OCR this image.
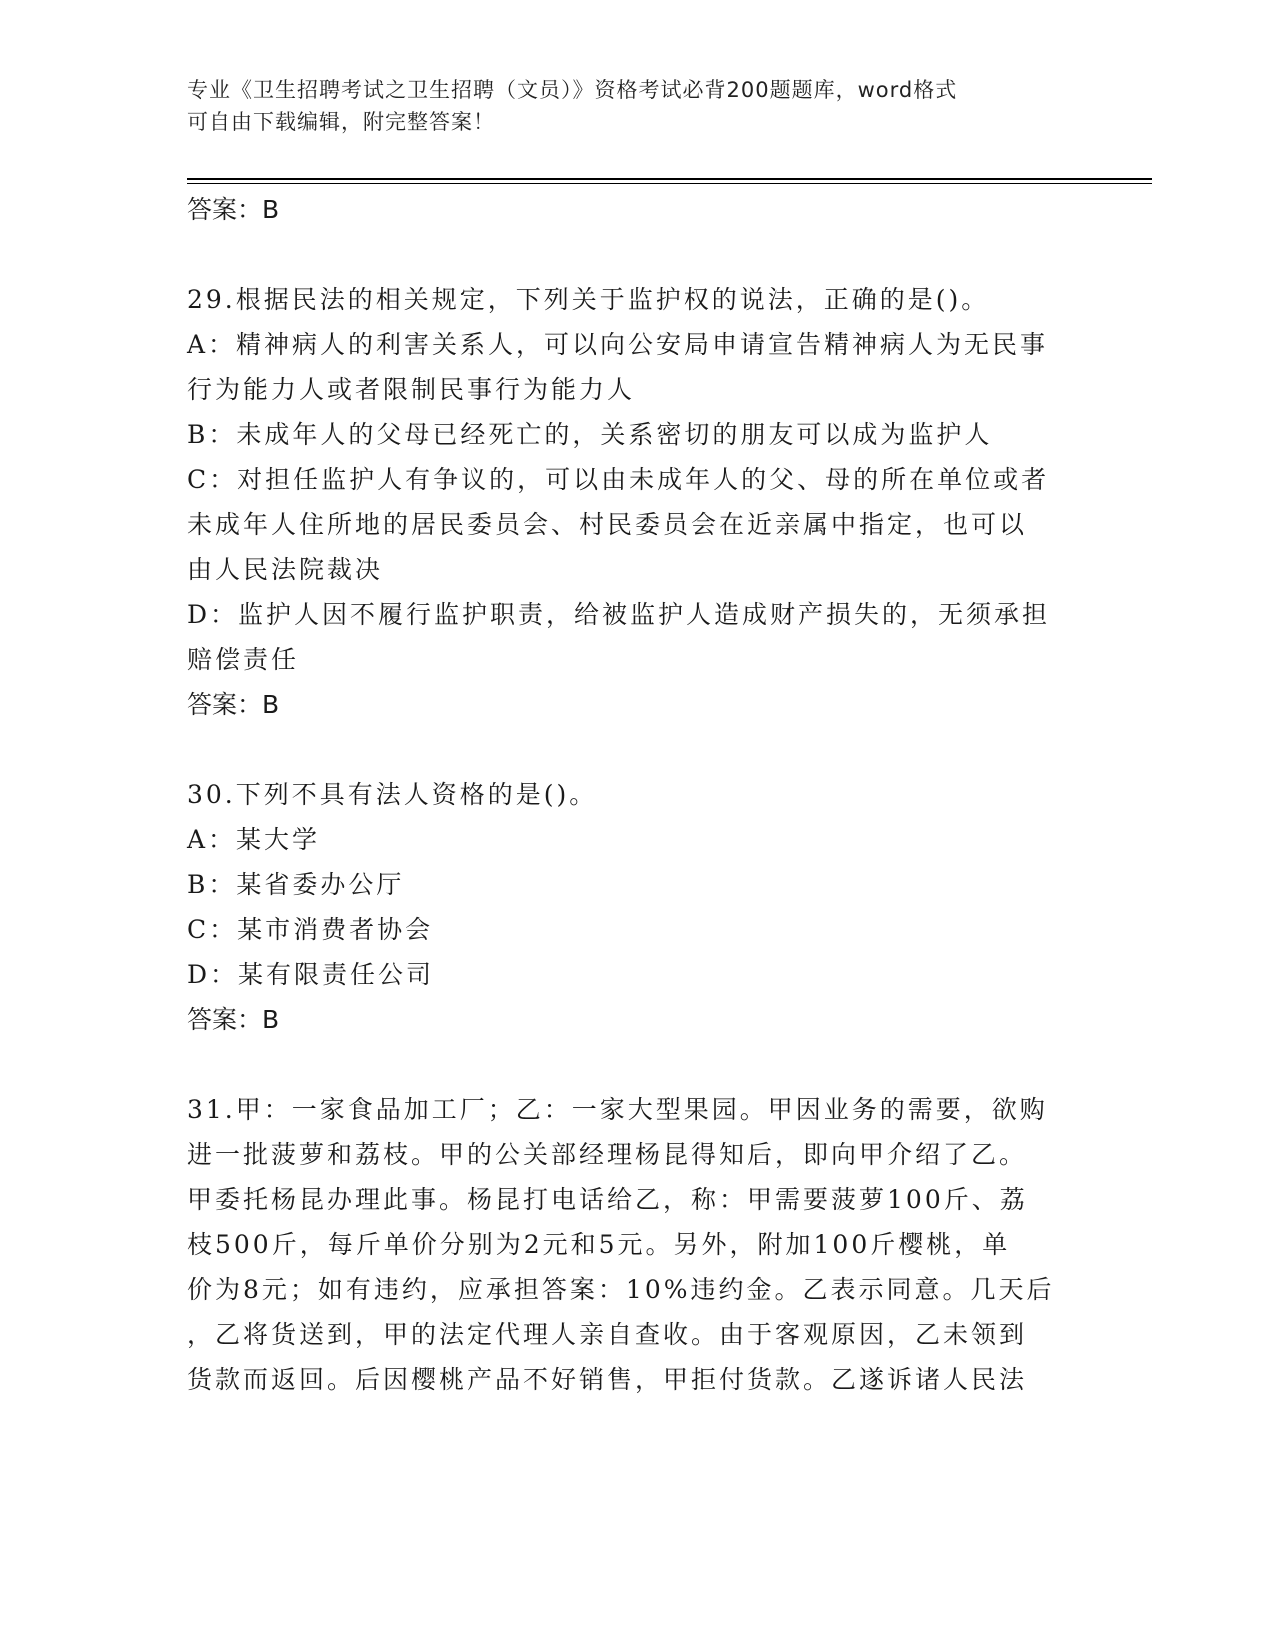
专业《卫生招聘考试之卫生招聘（文员）》资格考试必背200题题库，word格式
可自由下载编辑，附完整答案！
答案：B
29.根据民法的相关规定，下列关于监护权的说法，正确的是()。
A：精神病人的利害关系人，可以向公安局申请宣告精神病人为无民事
行为能力人或者限制民事行为能力人
B：未成年人的父母已经死亡的，关系密切的朋友可以成为监护人
C：对担任监护人有争议的，可以由未成年人的父、母的所在单位或者
未成年人住所地的居民委员会、村民委员会在近亲属中指定，也可以
由人民法院裁决
D：监护人因不履行监护职责，给被监护人造成财产损失的，无须承担
赔偿责任
答案：B
30.下列不具有法人资格的是()。
A：某大学
B：某省委办公厅
C：某市消费者协会
D：某有限责任公司
答案：B
31.甲：一家食品加工厂；乙：一家大型果园。甲因业务的需要，欲购
进一批菠萝和荔枝。甲的公关部经理杨昆得知后，即向甲介绍了乙。
甲委托杨昆办理此事。杨昆打电话给乙，称：甲需要菠萝100斤、荔
枝500斤，每斤单价分别为2元和5元。另外，附加100斤樱桃，单
价为8元；如有违约，应承担答案：10%违约金。乙表示同意。几天后
，乙将货送到，甲的法定代理人亲自查收。由于客观原因，乙未领到
货款而返回。后因樱桃产品不好销售，甲拒付货款。乙遂诉诸人民法
